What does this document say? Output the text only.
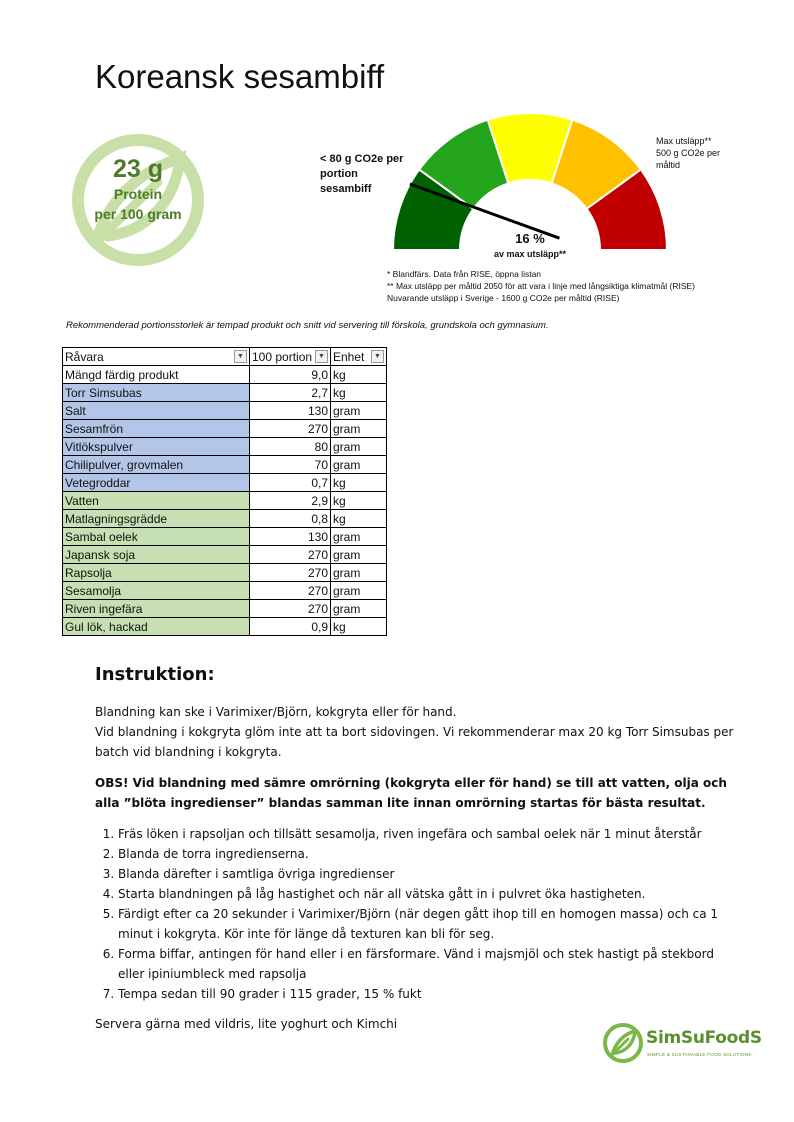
Koreansk sesambiff
23 g
Protein
per 100 gram
< 80 g CO2e per
portion
sesambiff
Max utsläpp**
500 g CO2e per
måltid
16 %
av max utsläpp**
* Blandfärs. Data från RISE, öppna listan
** Max utsläpp per måltid 2050 för att vara i linje med långsiktiga klimatmål (RISE)
Nuvarande utsläpp i Sverige - 1600 g CO2e per måltid (RISE)
Rekommenderad portionsstorlek är tempad produkt och snitt vid servering till förskola, grundskola och gymnasium.
Råvara ▼	100 portion ▼	Enhet ▼

Mängd färdig produkt	9,0	kg
Torr Simsubas	2,7	kg
Salt	130	gram
Sesamfrön	270	gram
Vitlökspulver	80	gram
Chilipulver, grovmalen	70	gram
Vetegroddar	0,7	kg
Vatten	2,9	kg
Matlagningsgrädde	0,8	kg
Sambal oelek	130	gram
Japansk soja	270	gram
Rapsolja	270	gram
Sesamolja	270	gram
Riven ingefära	270	gram
Gul lök, hackad	0,9	kg
Instruktion:

Blandning kan ske i Varimixer/Björn, kokgryta eller för hand.

Vid blandning i kokgryta glöm inte att ta bort sidovingen. Vi rekommenderar max 20 kg Torr Simsubas per batch vid blandning i kokgryta.

OBS! Vid blandning med sämre omrörning (kokgryta eller för hand) se till att vatten, olja och alla ”blöta ingredienser” blandas samman lite innan omrörning startas för bästa resultat.

1. Fräs löken i rapsoljan och tillsätt sesamolja, riven ingefära och sambal oelek när 1 minut återstår
2. Blanda de torra ingredienserna.
3. Blanda därefter i samtliga övriga ingredienser
4. Starta blandningen på låg hastighet och när all vätska gått in i pulvret öka hastigheten.
5. Färdigt efter ca 20 sekunder i Varimixer/Björn (när degen gått ihop till en homogen massa) och ca 1 minut i kokgryta. Kör inte för länge då texturen kan bli för seg.
6. Forma biffar, antingen för hand eller i en färsformare. Vänd i majsmjöl och stek hastigt på stekbord eller ipiniumbleck med rapsolja
7. Tempa sedan till 90 grader i 115 grader, 15 % fukt

Servera gärna med vildris, lite yoghurt och Kimchi

SimSuFoodS
SIMPLE & SUSTAINABLE FOOD SOLUTIONS
